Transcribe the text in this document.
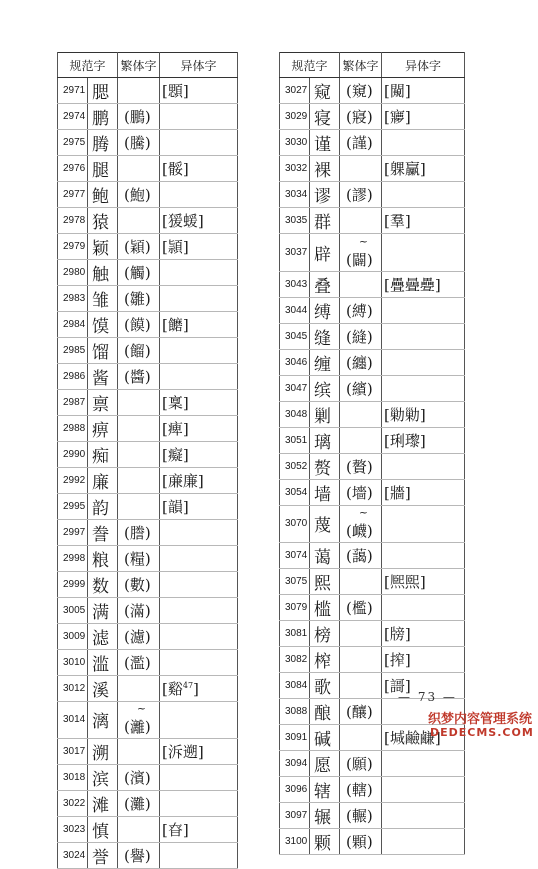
规范字		繁体字	异体字
2971	腮		[顋]
2974	鹏	(鵬)	
2975	腾	(騰)	
2976	腿		[骽]
2977	鲍	(鮑)	
2978	猿		[猨蝯]
2979	颖	(穎)	[頴]
2980	触	(觸)	
2983	雏	(雛)	
2984	馍	(饃)	[饝]
2985	馏	(餾)	
2986	酱	(醬)	
2987	禀		[稟]
2988	痹		[痺]
2990	痴		[癡]
2992	廉		[亷廉]
2995	韵		[韻]
2997	誊	(謄)	
2998	粮	(糧)	
2999	数	(數)	
3005	满	(滿)	
3009	滤	(濾)	
3010	滥	(濫)	
3012	溪		[谿$^{47}$]
3014	漓	~
(灕)	
3017	溯		[泝遡]
3018	滨	(濱)	
3022	滩	(灘)	
3023	慎		[昚]
3024	誉	(譽)	
规范字		繁体字	异体字
3027	窥	(窺)	[闚]
3029	寝	(寢)	[㝱]
3030	谨	(謹)	
3032	裸		[躶臝]
3034	谬	(謬)	
3035	群		[羣]
3037	辟	~
(闢)	
3043	叠		[疊曡疉]
3044	缚	(縛)	
3045	缝	(縫)	
3046	缠	(纏)	
3047	缤	(繽)	
3048	剿		[勦勦]
3051	璃		[琍瓈]
3052	赘	(贅)	
3054	墙	(墻)	[牆]
3070	蔑	~
(衊)	
3074	蔼	(藹)	
3075	熙		[熈煕]
3079	槛	(檻)	
3081	榜		[牓]
3082	榨		[搾]
3084	歌		[謌]
3088	酿	(釀)	
3091	碱		[堿鹼鹻]
3094	愿	(願)	
3096	辖	(轄)	
3097	辗	(輾)	
3100	颗	(顆)	
— 73 —
织梦内容管理系统
DEDECMS.COM
